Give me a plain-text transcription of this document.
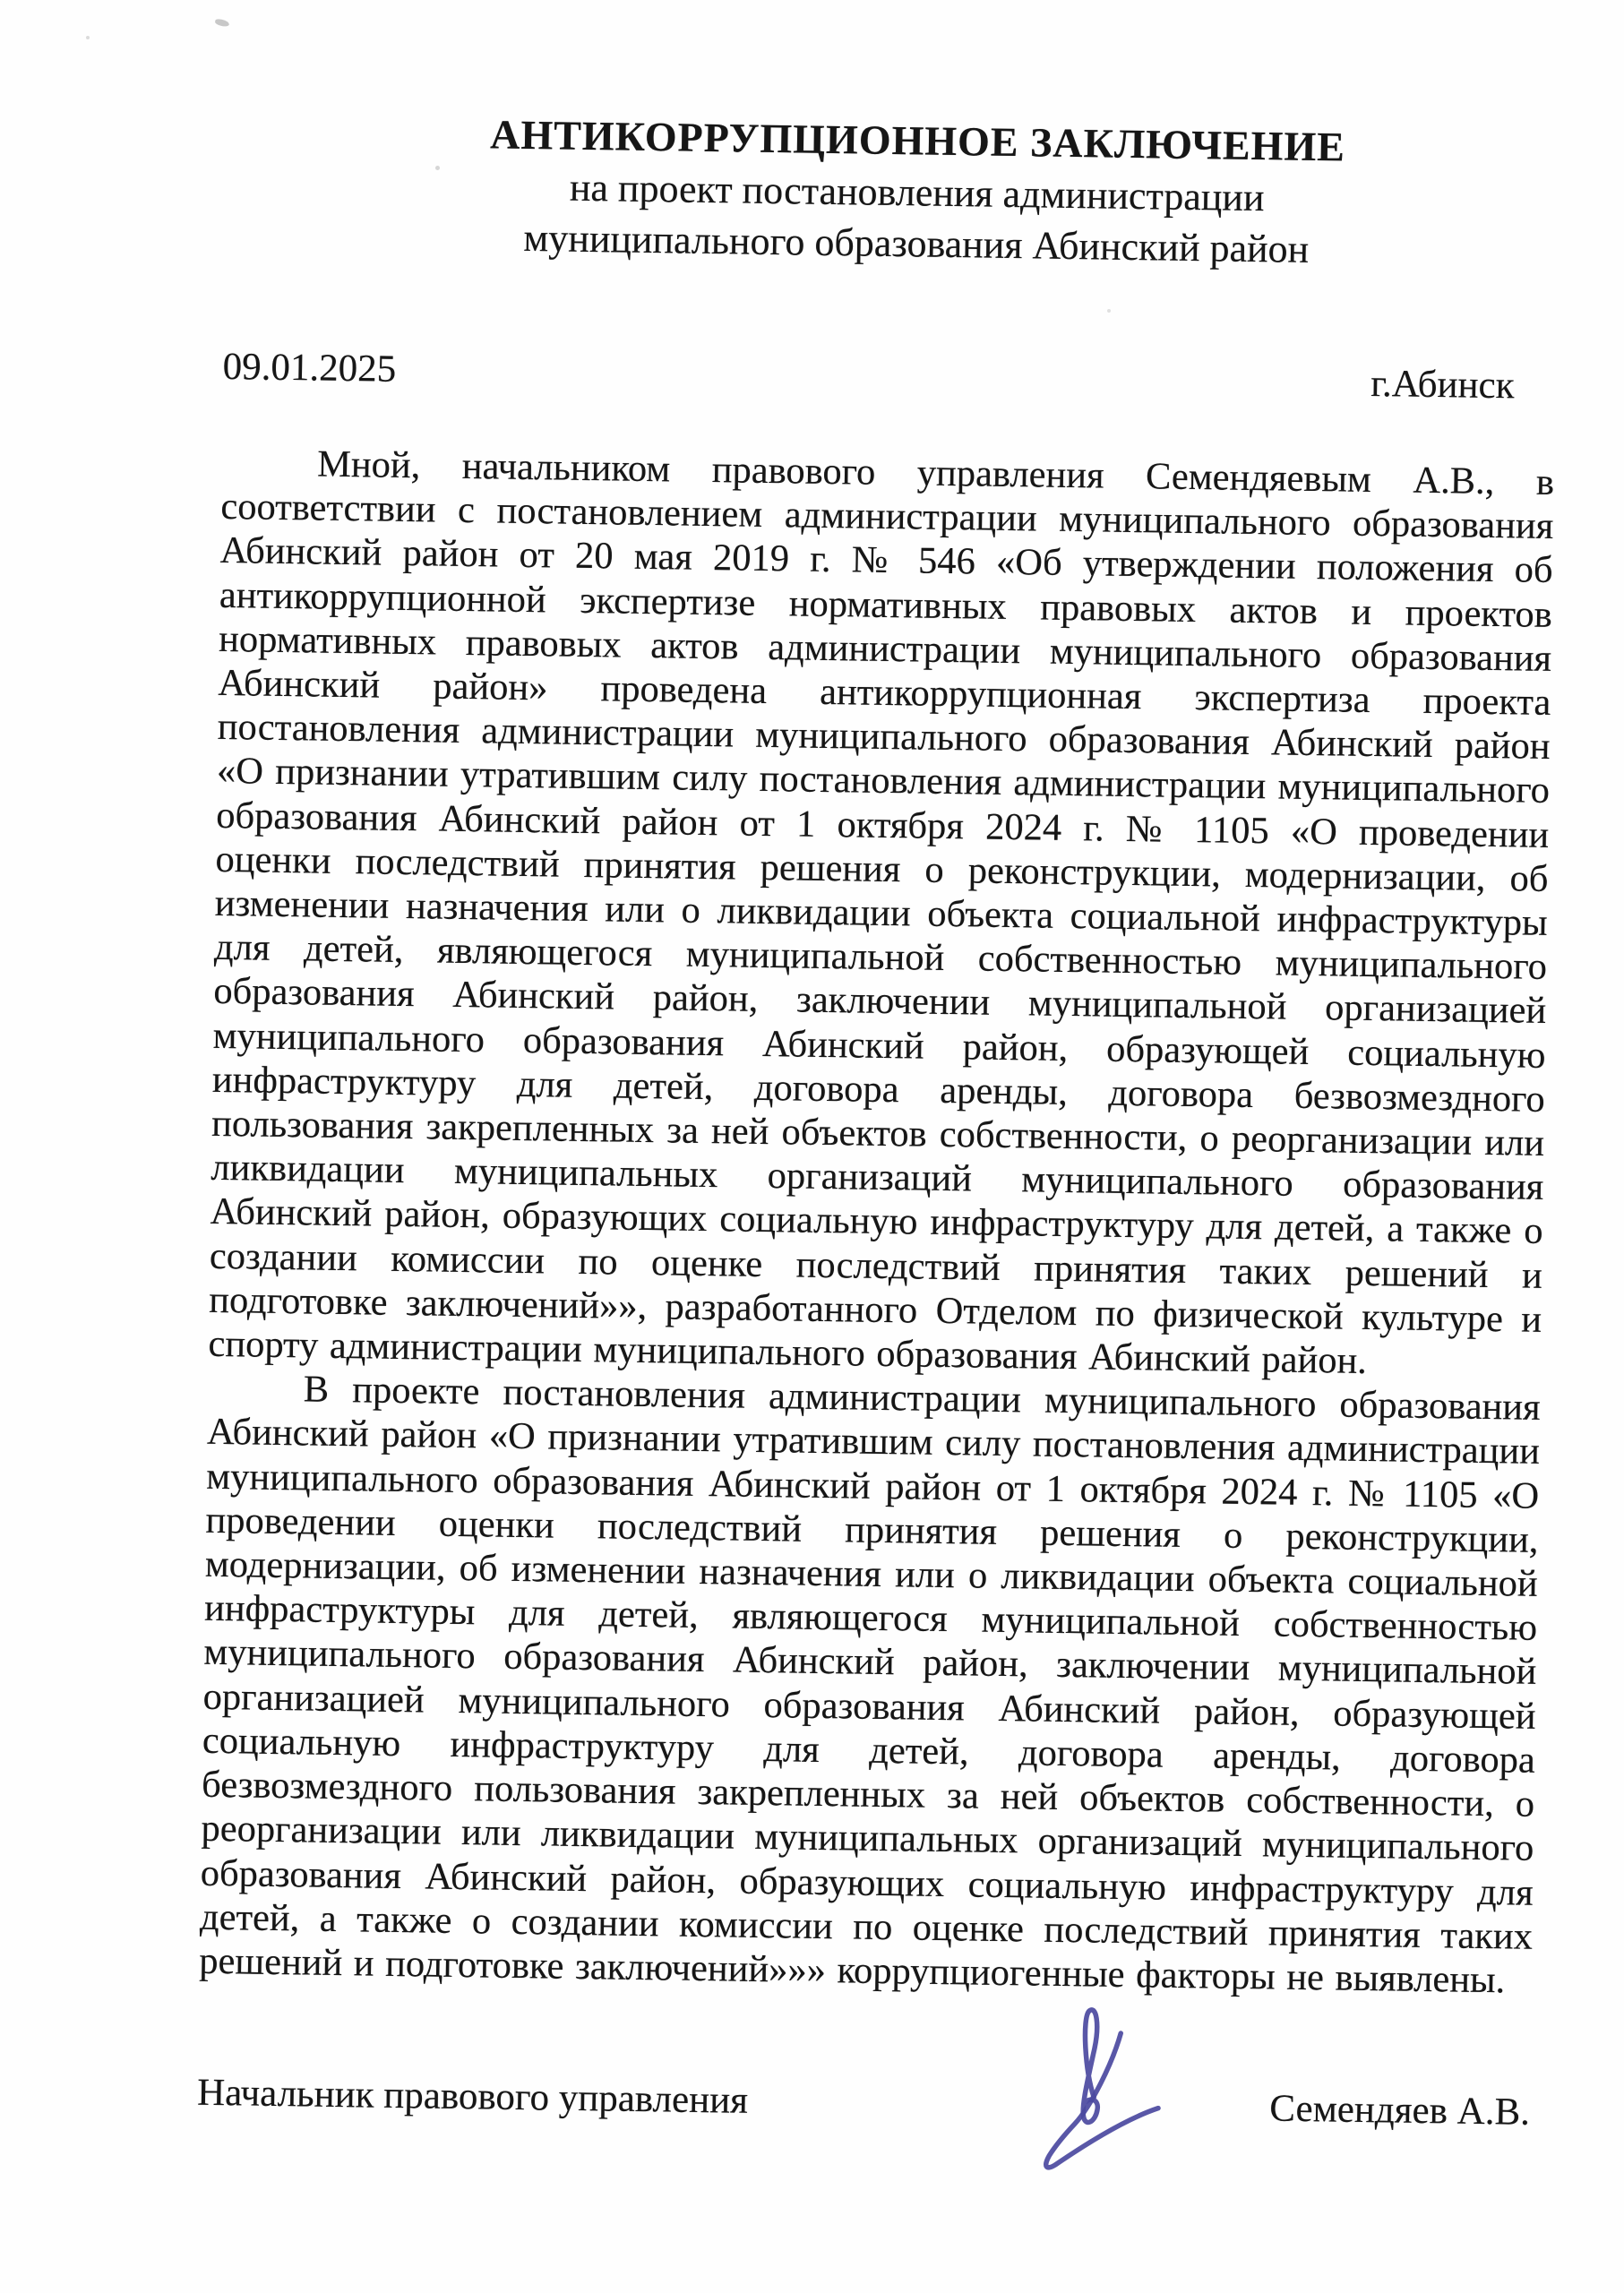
АНТИКОРРУПЦИОННОЕ ЗАКЛЮЧЕНИЕ
на проект постановления администрации
муниципального образования Абинский район
09.01.2025	г.Абинск

Мной, начальником правового управления Семендяевым А.В., в соответствии с постановлением администрации муниципального образования Абинский район от 20 мая 2019 г. № 546 «Об утверждении положения об антикоррупционной экспертизе нормативных правовых актов и проектов нормативных правовых актов администрации муниципального образования Абинский район» проведена антикоррупционная экспертиза проекта постановления администрации муниципального образования Абинский район «О признании утратившим силу постановления администрации муниципального образования Абинский район от 1 октября 2024 г. № 1105 «О проведении оценки последствий принятия решения о реконструкции, модернизации, об изменении назначения или о ликвидации объекта социальной инфраструктуры для детей, являющегося муниципальной собственностью муниципального образования Абинский район, заключении муниципальной организацией муниципального образования Абинский район, образующей социальную инфраструктуру для детей, договора аренды, договора безвозмездного пользования закрепленных за ней объектов собственности, о реорганизации или ликвидации муниципальных организаций муниципального образования Абинский район, образующих социальную инфраструктуру для детей, а также о создании комиссии по оценке последствий принятия таких решений и подготовке заключений»», разработанного Отделом по физической культуре и спорту администрации муниципального образования Абинский район.

В проекте постановления администрации муниципального образования Абинский район «О признании утратившим силу постановления администрации муниципального образования Абинский район от 1 октября 2024 г. № 1105 «О проведении оценки последствий принятия решения о реконструкции, модернизации, об изменении назначения или о ликвидации объекта социальной инфраструктуры для детей, являющегося муниципальной собственностью муниципального образования Абинский район, заключении муниципальной организацией муниципального образования Абинский район, образующей социальную инфраструктуру для детей, договора аренды, договора безвозмездного пользования закрепленных за ней объектов собственности, о реорганизации или ликвидации муниципальных организаций муниципального образования Абинский район, образующих социальную инфраструктуру для детей, а также о создании комиссии по оценке последствий принятия таких решений и подготовке заключений»»» коррупциогенные факторы не выявлены.

Начальник правового управления	Семендяев А.В.
